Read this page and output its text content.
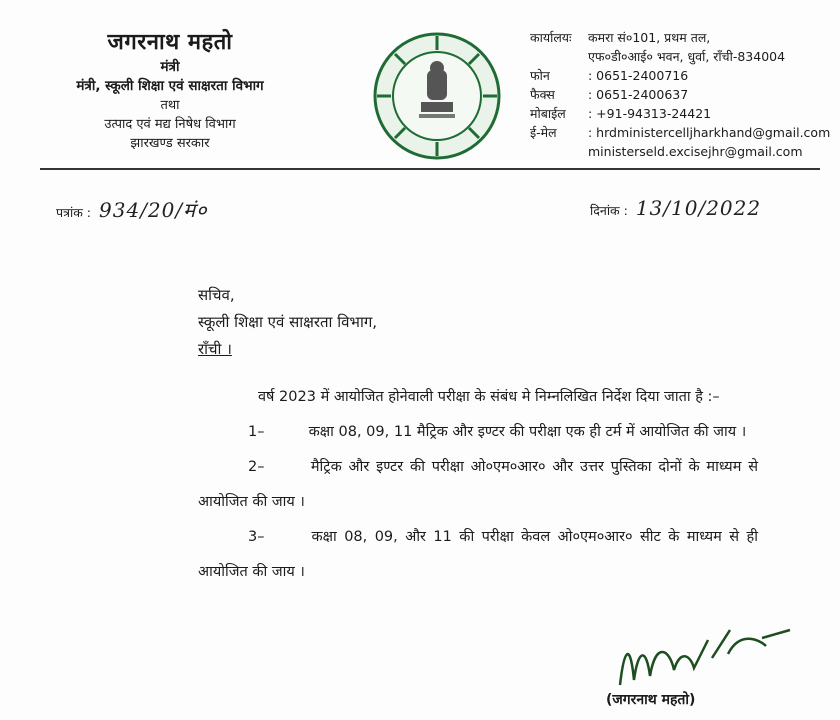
जगरनाथ महतो
मंत्री
मंत्री, स्कूली शिक्षा एवं साक्षरता विभाग
तथा
उत्पाद एवं मद्य निषेध विभाग
झारखण्ड सरकार
कार्यालयः	कमरा सं०101, प्रथम तल,
एफ०डी०आई० भवन, धुर्वा, राँची-834004
फोन	: 0651-2400716
फैक्स	: 0651-2400637
मोबाईल	: +91-94313-24421
ई-मेल	: hrdministercelljharkhand@gmail.com
ministerseld.excisejhr@gmail.com
पत्रांक : 934/20/मं०	दिनांक : 13/10/2022
सचिव,
स्कूली शिक्षा एवं साक्षरता विभाग,
राँची ।
वर्ष 2023 में आयोजित होनेवाली परीक्षा के संबंध मे निम्नलिखित निर्देश दिया जाता है :–
1–	कक्षा 08, 09, 11 मैट्रिक और इण्टर की परीक्षा एक ही टर्म में आयोजित की जाय ।
2–	मैट्रिक और इण्टर की परीक्षा ओ०एम०आर० और उत्तर पुस्तिका दोनों के माध्यम से आयोजित की जाय ।
3–	कक्षा 08, 09, और 11 की परीक्षा केवल ओ०एम०आर० सीट के माध्यम से ही आयोजित की जाय ।
(जगरनाथ महतो)
